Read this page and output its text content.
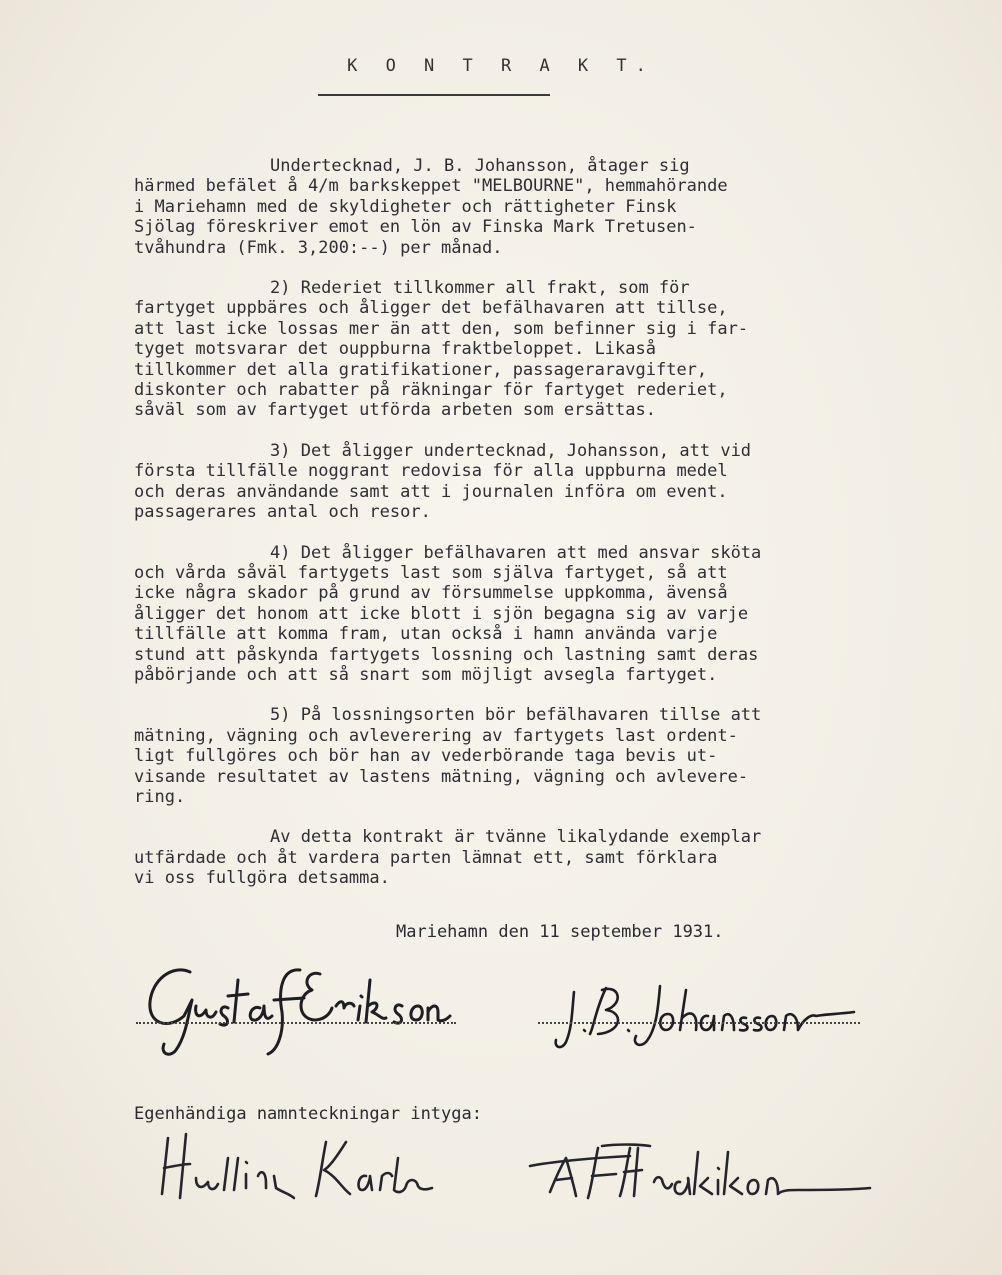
K O N T R A K T.
Undertecknad, J. B. Johansson, åtager sig
härmed befälet å 4/m barkskeppet "MELBOURNE", hemmahörande
i Mariehamn med de skyldigheter och rättigheter Finsk
Sjölag föreskriver emot en lön av Finska Mark Tretusen-
tvåhundra (Fmk. 3,200:--) per månad.
2) Rederiet tillkommer all frakt, som för
fartyget uppbäres och åligger det befälhavaren att tillse,
att last icke lossas mer än att den, som befinner sig i far-
tyget motsvarar det ouppburna fraktbeloppet. Likaså
tillkommer det alla gratifikationer, passageraravgifter,
diskonter och rabatter på räkningar för fartyget rederiet,
såväl som av fartyget utförda arbeten som ersättas.
3) Det åligger undertecknad, Johansson, att vid
första tillfälle noggrant redovisa för alla uppburna medel
och deras användande samt att i journalen införa om event.
passagerares antal och resor.
4) Det åligger befälhavaren att med ansvar sköta
och vårda såväl fartygets last som själva fartyget, så att
icke några skador på grund av försummelse uppkomma, ävenså
åligger det honom att icke blott i sjön begagna sig av varje
tillfälle att komma fram, utan också i hamn använda varje
stund att påskynda fartygets lossning och lastning samt deras
påbörjande och att så snart som möjligt avsegla fartyget.
5) På lossningsorten bör befälhavaren tillse att
mätning, vägning och avleverering av fartygets last ordent-
ligt fullgöres och bör han av vederbörande taga bevis ut-
visande resultatet av lastens mätning, vägning och avlevere-
ring.
Av detta kontrakt är tvänne likalydande exemplar
utfärdade och åt vardera parten lämnat ett, samt förklara
vi oss fullgöra detsamma.
Mariehamn den 11 september 1931.
Egenhändiga namnteckningar intyga:
